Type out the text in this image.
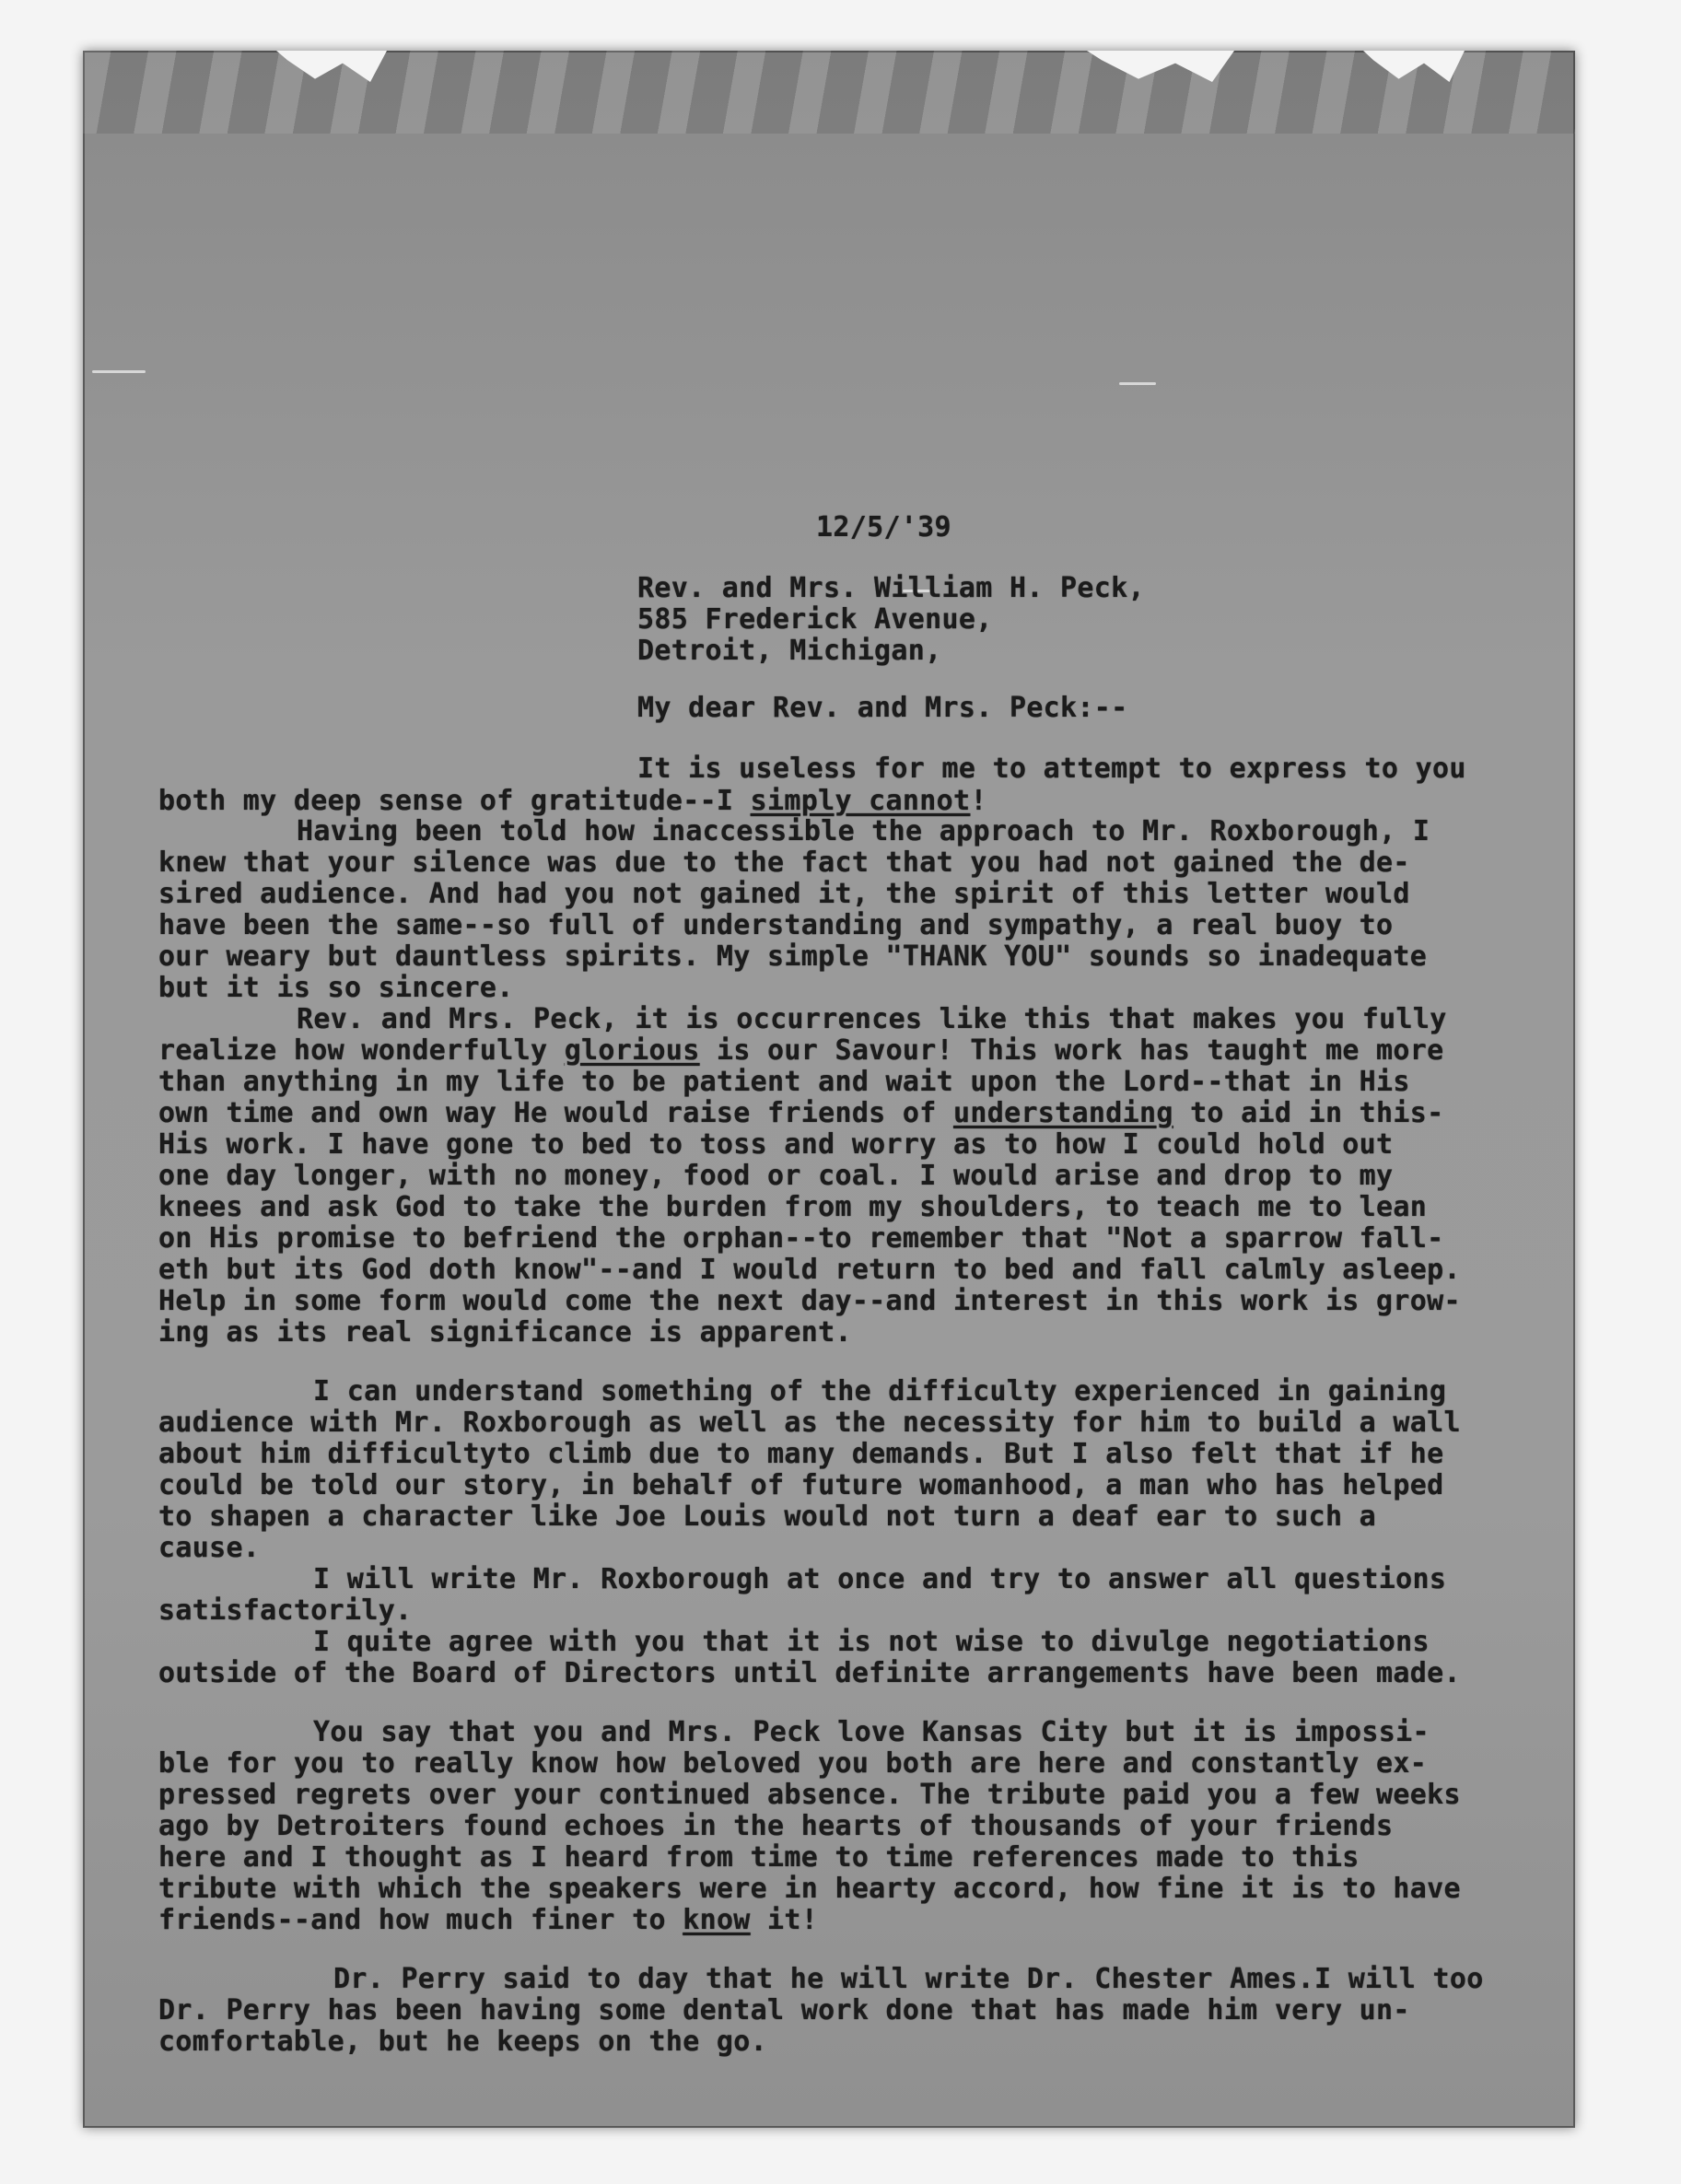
12/5/'39
Rev. and Mrs. William H. Peck,
585 Frederick Avenue,
Detroit, Michigan,
My dear Rev. and Mrs. Peck:--
It is useless for me to attempt to express to you
both my deep sense of gratitude--I simply cannot!
Having been told how inaccessible the approach to Mr. Roxborough, I
knew that your silence was due to the fact that you had not gained the de-
sired audience. And had you not gained it, the spirit of this letter would
have been the same--so full of understanding and sympathy, a real buoy to
our weary but dauntless spirits. My simple "THANK YOU" sounds so inadequate
but it is so sincere.
Rev. and Mrs. Peck, it is occurrences like this that makes you fully
realize how wonderfully glorious is our Savour! This work has taught me more
than anything in my life to be patient and wait upon the Lord--that in His
own time and own way He would raise friends of understanding to aid in this-
His work. I have gone to bed to toss and worry as to how I could hold out
one day longer, with no money, food or coal. I would arise and drop to my
knees and ask God to take the burden from my shoulders, to teach me to lean
on His promise to befriend the orphan--to remember that "Not a sparrow fall-
eth but its God doth know"--and I would return to bed and fall calmly asleep.
Help in some form would come the next day--and interest in this work is grow-
ing as its real significance is apparent.
I can understand something of the difficulty experienced in gaining
audience with Mr. Roxborough as well as the necessity for him to build a wall
about him difficultyto climb due to many demands. But I also felt that if he
could be told our story, in behalf of future womanhood, a man who has helped
to shapen a character like Joe Louis would not turn a deaf ear to such a
cause.
I will write Mr. Roxborough at once and try to answer all questions
satisfactorily.
I quite agree with you that it is not wise to divulge negotiations
outside of the Board of Directors until definite arrangements have been made.
You say that you and Mrs. Peck love Kansas City but it is impossi-
ble for you to really know how beloved you both are here and constantly ex-
pressed regrets over your continued absence. The tribute paid you a few weeks
ago by Detroiters found echoes in the hearts of thousands of your friends
here and I thought as I heard from time to time references made to this
tribute with which the speakers were in hearty accord, how fine it is to have
friends--and how much finer to know it!
Dr. Perry said to day that he will write Dr. Chester Ames.I will too
Dr. Perry has been having some dental work done that has made him very un-
comfortable, but he keeps on the go.
